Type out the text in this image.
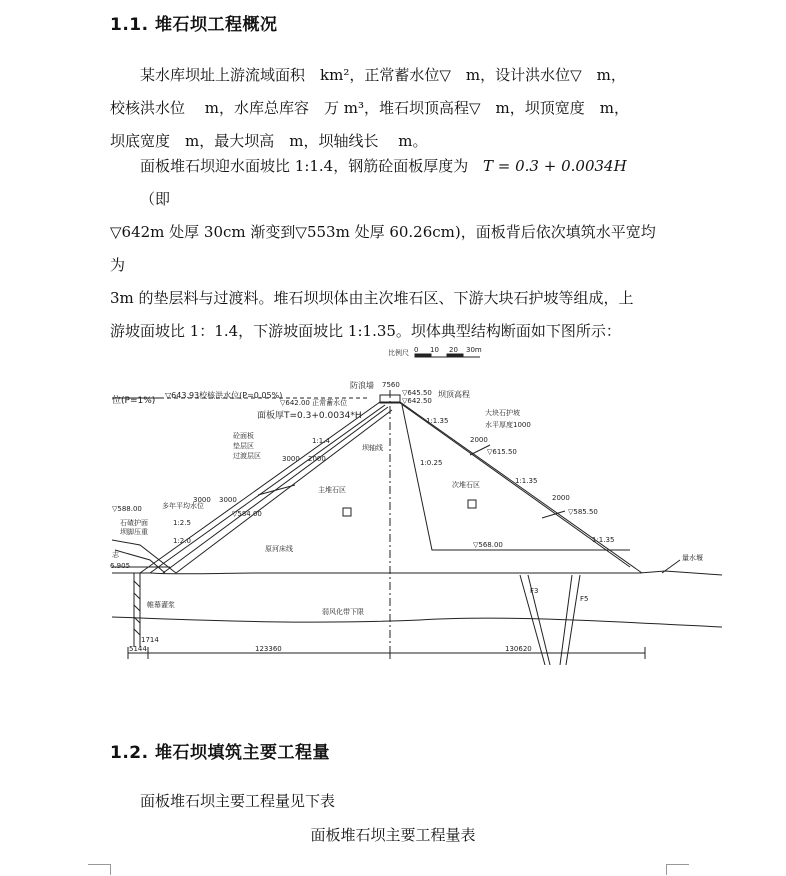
1.1. 堆石坝工程概况
某水库坝址上游流域面积　km²，正常蓄水位▽　m，设计洪水位▽　m，
校核洪水位　 m，水库总库容　万 m³，堆石坝顶高程▽　m，坝顶宽度　m，
坝底宽度　m，最大坝高　m，坝轴线长　 m。
面板堆石坝迎水面坡比 1:1.4，钢筋砼面板厚度为 T = 0.3 + 0.0034H （即
▽642m 处厚 30cm 渐变到▽553m 处厚 60.26cm)，面板背后依次填筑水平宽均为
3m 的垫层料与过渡料。堆石坝坝体由主次堆石区、下游大块石护坡等组成，上
游坡面坡比 1：1.4，下游坡面坡比 1:1.35。坝体典型结构断面如下图所示：
比例尺 0 10 20 30m
位(P=1%)
▽643.93校核洪水位(P=0.05%)
▽642.00 正常蓄水位
防浪墙 7560
▽645.50
▽642.50
坝顶高程
面板厚T=0.3+0.0034*H
砼面板
垫层区
过渡层区	3000 2000
1:1.4
坝轴线
主堆石区
1:0.25
次堆石区
大块石护坡
水平厚度1000
2000
▽615.50
1:1.35
1:1.35
1:1.35
2000
▽585.50
▽568.00
多年平均水位
▽588.00
3000 3000
▽584.00
1:2.5
1:2.0
石碴护面
坝脚压重
志
6.905
原河床线
帷幕灌浆
弱风化带下限
1714
5144	123360	130620
F3
F5
量水堰
1.2. 堆石坝填筑主要工程量
面板堆石坝主要工程量见下表
面板堆石坝主要工程量表
